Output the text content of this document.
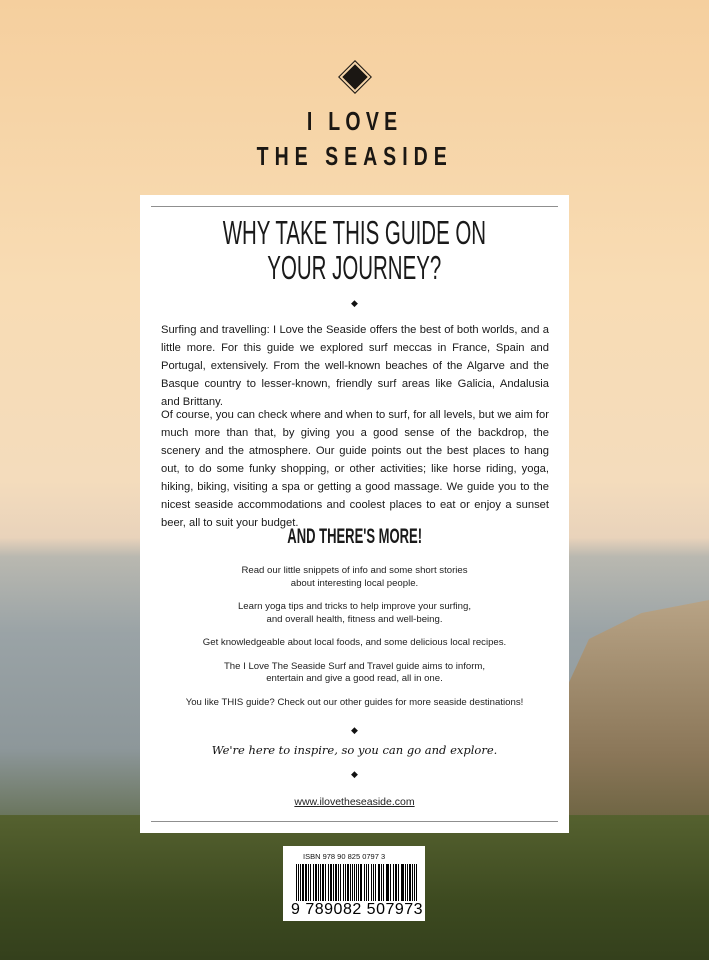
I LOVE
THE SEASIDE
WHY TAKE THIS GUIDE ON
YOUR JOURNEY?
◆

Surfing and travelling: I Love the Seaside offers the best of both worlds, and a little more. For this guide we explored surf meccas in France, Spain and Portugal, extensively. From the well-known beaches of the Algarve and the Basque country to lesser-known, friendly surf areas like Galicia, Andalusia and Brittany.

Of course, you can check where and when to surf, for all levels, but we aim for much more than that, by giving you a good sense of the backdrop, the scenery and the atmosphere. Our guide points out the best places to hang out, to do some funky shopping, or other activities; like horse riding, yoga, hiking, biking, visiting a spa or getting a good massage. We guide you to the nicest seaside accommodations and coolest places to eat or enjoy a sunset beer, all to suit your budget.

AND THERE'S MORE!

Read our little snippets of info and some short stories about interesting local people.

Learn yoga tips and tricks to help improve your surfing, and overall health, fitness and well-being.

Get knowledgeable about local foods, and some delicious local recipes.

The I Love The Seaside Surf and Travel guide aims to inform, entertain and give a good read, all in one.

You like THIS guide? Check out our other guides for more seaside destinations!

◆
We're here to inspire, so you can go and explore.
◆
www.ilovetheseaside.com
ISBN 978 90 825 0797 3
9 789082 507973
